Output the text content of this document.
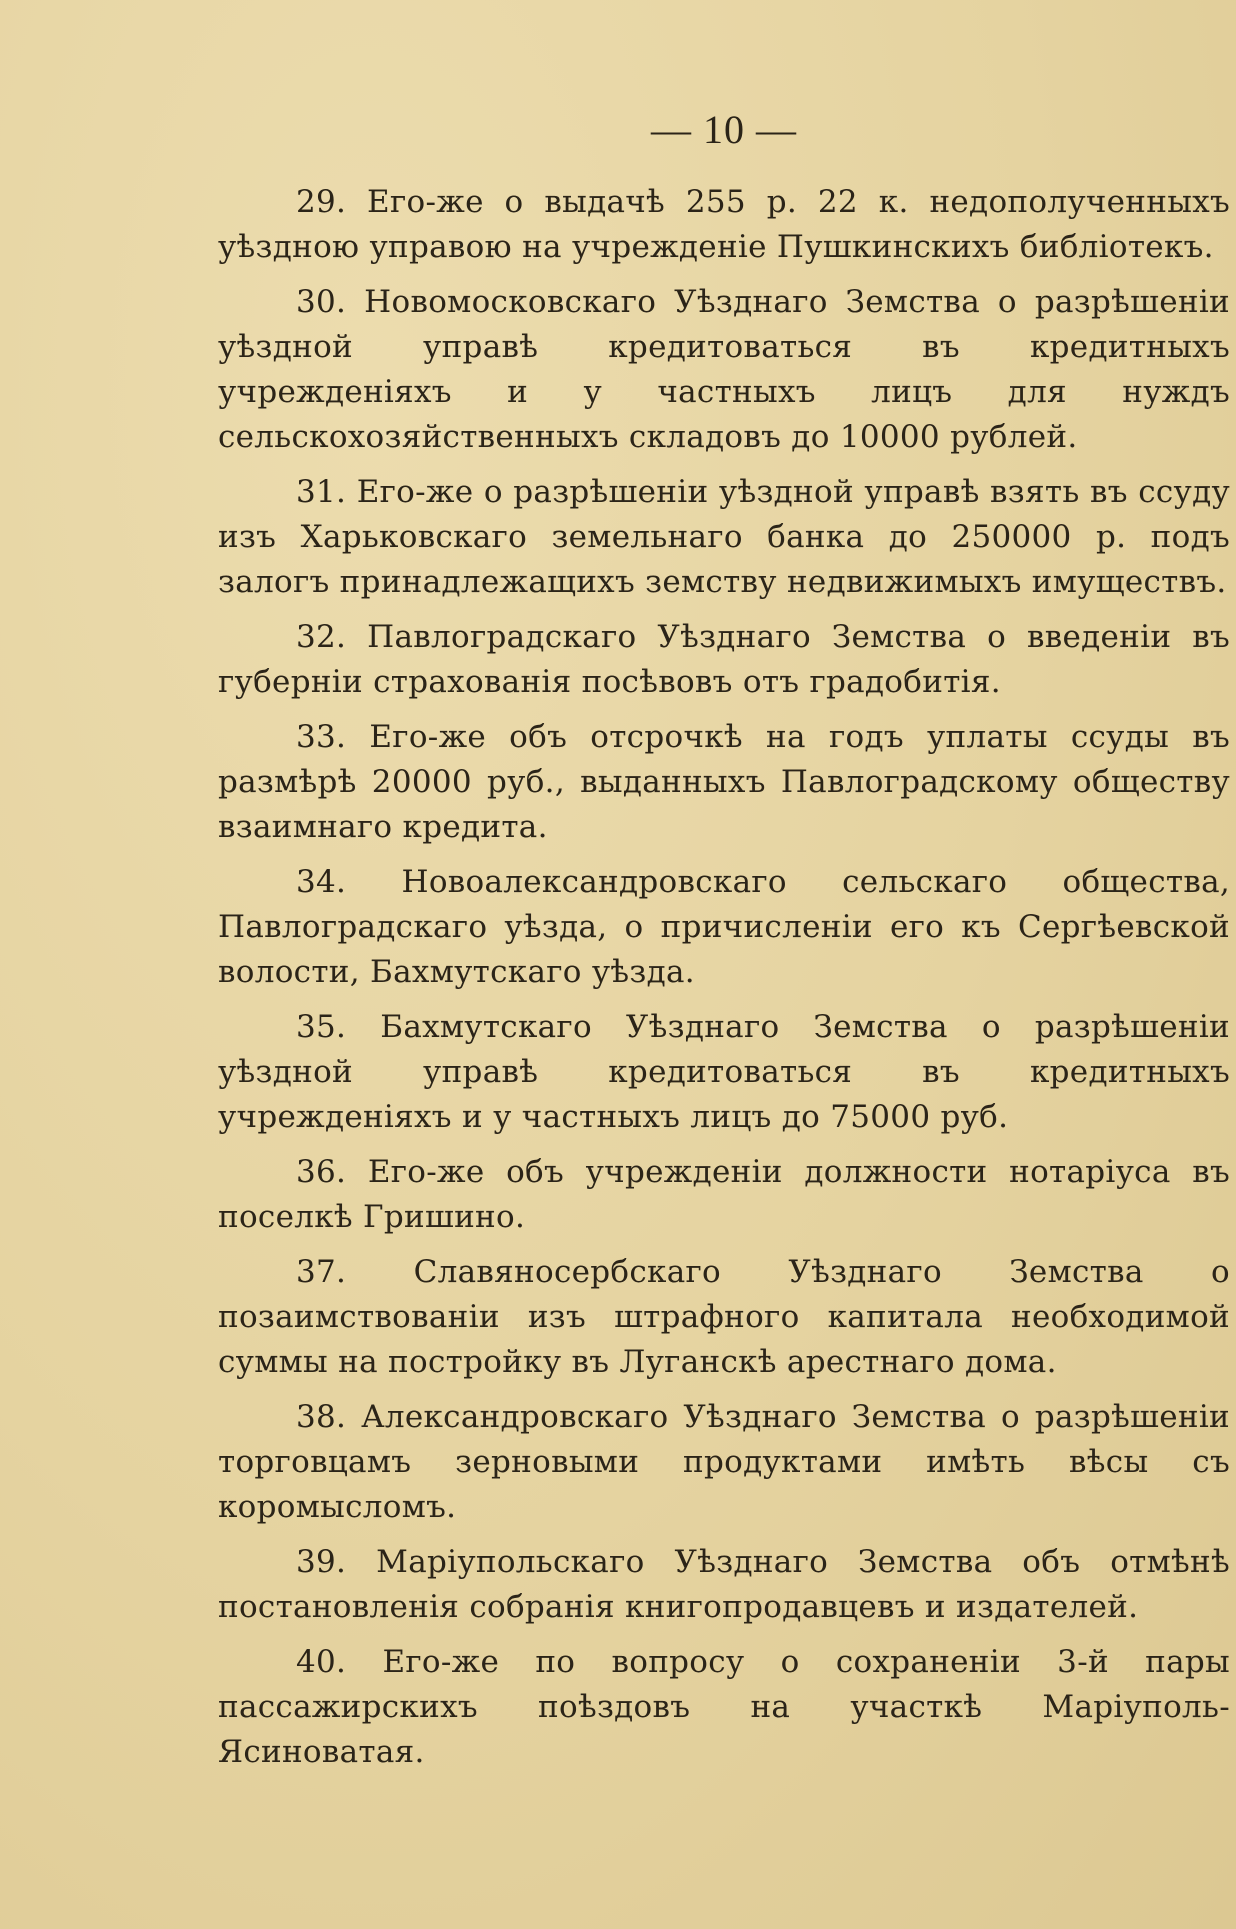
— 10 —

29. Его-же о выдачѣ 255 р. 22 к. недополученныхъ уѣздною управою на учрежденіе Пушкинскихъ библіотекъ.

30. Новомосковскаго Уѣзднаго Земства о разрѣшеніи уѣздной управѣ кредитоваться въ кредитныхъ учрежденіяхъ и у частныхъ лицъ для нуждъ сельскохозяйственныхъ складовъ до 10000 рублей.

31. Его-же о разрѣшеніи уѣздной управѣ взять въ ссуду изъ Харьковскаго земельнаго банка до 250000 р. подъ залогъ принадлежащихъ земству недвижимыхъ имуществъ.

32. Павлоградскаго Уѣзднаго Земства о введеніи въ губерніи страхованія посѣвовъ отъ градобитія.

33. Его-же объ отсрочкѣ на годъ уплаты ссуды въ размѣрѣ 20000 руб., выданныхъ Павлоградскому обществу взаимнаго кредита.

34. Новоалександровскаго сельскаго общества, Павлоградскаго уѣзда, о причисленіи его къ Сергѣевской волости, Бахмутскаго уѣзда.

35. Бахмутскаго Уѣзднаго Земства о разрѣшеніи уѣздной управѣ кредитоваться въ кредитныхъ учрежденіяхъ и у частныхъ лицъ до 75000 руб.

36. Его-же объ учрежденіи должности нотаріуса въ поселкѣ Гришино.

37. Славяносербскаго Уѣзднаго Земства о позаимствованіи изъ штрафного капитала необходимой суммы на постройку въ Луганскѣ арестнаго дома.

38. Александровскаго Уѣзднаго Земства о разрѣшеніи торговцамъ зерновыми продуктами имѣть вѣсы съ коромысломъ.

39. Маріупольскаго Уѣзднаго Земства объ отмѣнѣ постановленія собранія книгопродавцевъ и издателей.

40. Его-же по вопросу о сохраненіи 3-й пары пассажирскихъ поѣздовъ на участкѣ Маріуполь-Ясиноватая.
